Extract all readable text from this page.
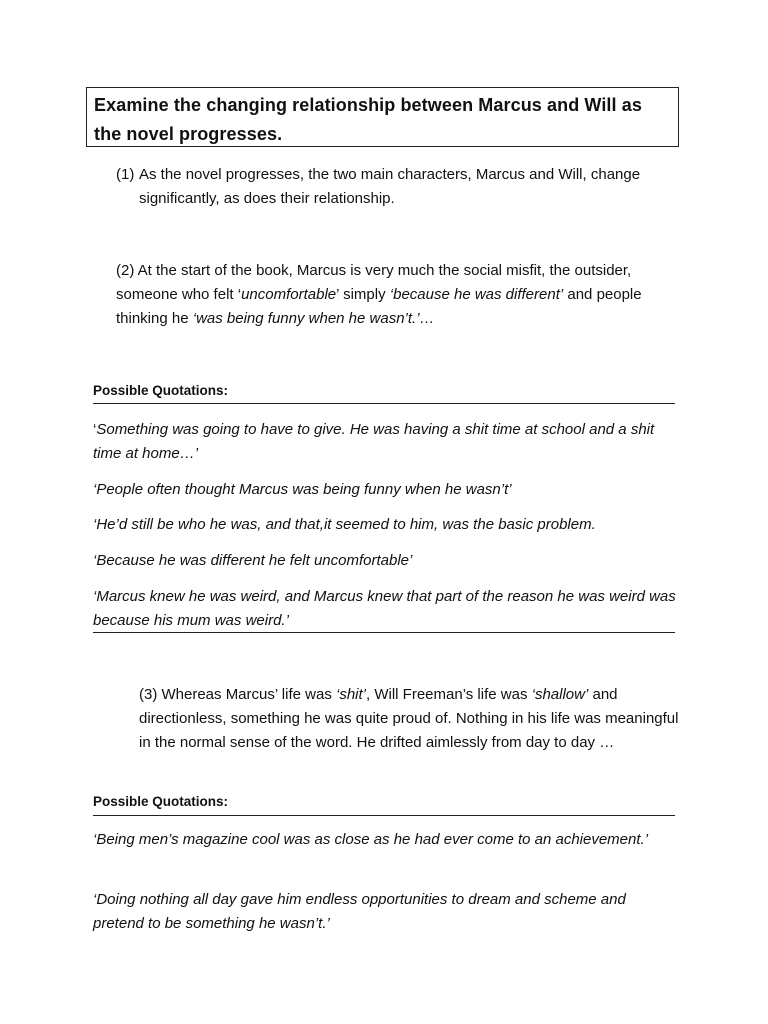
Examine the changing relationship between Marcus and Will as the novel progresses.

(1) As the novel progresses, the two main characters, Marcus and Will, change significantly, as does their relationship.

(2) At the start of the book, Marcus is very much the social misfit, the outsider, someone who felt ‘uncomfortable’ simply ‘because he was different’ and people thinking he ‘was being funny when he wasn’t.’…

Possible Quotations:

‘Something was going to have to give. He was having a shit time at school and a shit time at home…’

‘People often thought Marcus was being funny when he wasn’t’

‘He’d still be who he was, and that,it seemed to him, was the basic problem.

‘Because he was different he felt uncomfortable’

‘Marcus knew he was weird, and Marcus knew that part of the reason he was weird was because his mum was weird.’

(3) Whereas Marcus’ life was ‘shit’, Will Freeman’s life was ‘shallow’ and directionless, something he was quite proud of. Nothing in his life was meaningful in the normal sense of the word. He drifted aimlessly from day to day …

Possible Quotations:

‘Being men’s magazine cool was as close as he had ever come to an achievement.’

‘Doing nothing all day gave him endless opportunities to dream and scheme and pretend to be something he wasn’t.’
